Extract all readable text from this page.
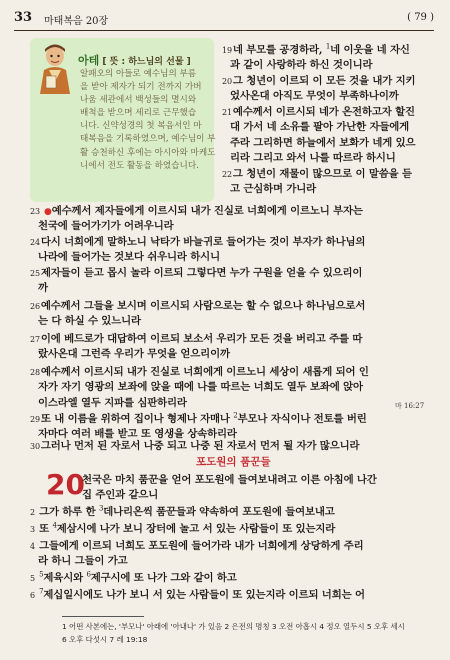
33 마태복음 20장	( 79 )
아테 [ 뜻 : 하느님의 선물 ]
알패오의 아들로 예수님의 부름
을 받아 제자가 되기 전까지 가버
나움 세관에서 백성들의 멸시와
배척을 받으며 세리로 근무했습
니다. 신약성경의 첫 복음서인 마
태복음을 기록하였으며, 예수님이 부
활 승천하신 후에는 아시아와 마케도
니에서 전도 활동을 하였습니다.
19네 부모를 공경하라, $^1$네 이웃을 네 자신
과 같이 사랑하라 하신 것이니라
20그 청년이 이르되 이 모든 것을 내가 지키
었사온대 아직도 무엇이 부족하나이까
21예수께서 이르시되 네가 온전하고자 할진
대 가서 네 소유를 팔아 가난한 자들에게
주라 그리하면 하늘에서 보화가 네게 있으
리라 그리고 와서 나를 따르라 하시니
22그 청년이 재물이 많으므로 이 말씀을 듣
고 근심하며 가니라
23 ●예수께서 제자들에게 이르시되 내가 진실로 너희에게 이르노니 부자는
천국에 들어가기가 어려우니라
24다시 너희에게 말하노니 낙타가 바늘귀로 들어가는 것이 부자가 하나님의
나라에 들어가는 것보다 쉬우니라 하시니
25제자들이 듣고 몹시 놀라 이르되 그렇다면 누가 구원을 얻을 수 있으리이
까
26예수께서 그들을 보시며 이르시되 사람으로는 할 수 없으나 하나님으로서
는 다 하실 수 있느니라
27이에 베드로가 대답하여 이르되 보소서 우리가 모든 것을 버리고 주를 따
랐사온대 그런즉 우리가 무엇을 얻으리이까
28예수께서 이르시되 내가 진실로 너희에게 이르노니 세상이 새롭게 되어 인
자가 자기 영광의 보좌에 앉을 때에 나를 따르는 너희도 열두 보좌에 앉아
이스라엘 열두 지파를 심판하리라	마 16:27
29또 내 이름을 위하여 집이나 형제나 자매나 $^2$부모나 자식이나 전토를 버린
자마다 여러 배를 받고 또 영생을 상속하리라
30그러나 먼저 된 자로서 나중 되고 나중 된 자로서 먼저 될 자가 많으니라
포도원의 품꾼들
20
천국은 마치 품꾼을 얻어 포도원에 들여보내려고 이른 아침에 나간
집 주인과 같으니
2 그가 하루 한 $^3$데나리온씩 품꾼들과 약속하여 포도원에 들여보내고
3 또 $^4$제삼시에 나가 보니 장터에 놀고 서 있는 사람들이 또 있는지라
4 그들에게 이르되 너희도 포도원에 들어가라 내가 너희에게 상당하게 주리
라 하니 그들이 가고
5 $^5$제육시와 $^6$제구시에 또 나가 그와 같이 하고
6 $^7$제십일시에도 나가 보니 서 있는 사람들이 또 있는지라 이르되 너희는 어
1 어떤 사본에는, '부모나' 아래에 '아내나' 가 있음 2 은전의 명칭 3 오전 아홉시 4 정오 열두시 5 오후 세시
6 오후 다섯시 7 레 19:18
